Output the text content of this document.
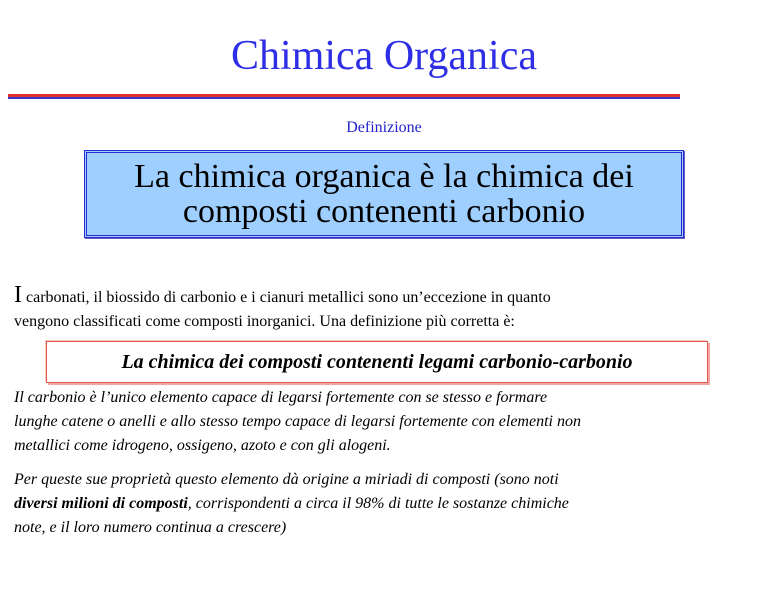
Chimica Organica
Definizione
La chimica organica è la chimica dei
composti contenenti carbonio
I carbonati, il biossido di carbonio e i cianuri metallici sono un’eccezione in quanto
vengono classificati come composti inorganici. Una definizione più corretta è:
La chimica dei composti contenenti legami carbonio-carbonio
Il carbonio è l’unico elemento capace di legarsi fortemente con se stesso e formare
lunghe catene o anelli e allo stesso tempo capace di legarsi fortemente con elementi non
metallici come idrogeno, ossigeno, azoto e con gli alogeni.
Per queste sue proprietà questo elemento dà origine a miriadi di composti (sono noti
diversi milioni di composti, corrispondenti a circa il 98% di tutte le sostanze chimiche
note, e il loro numero continua a crescere)
